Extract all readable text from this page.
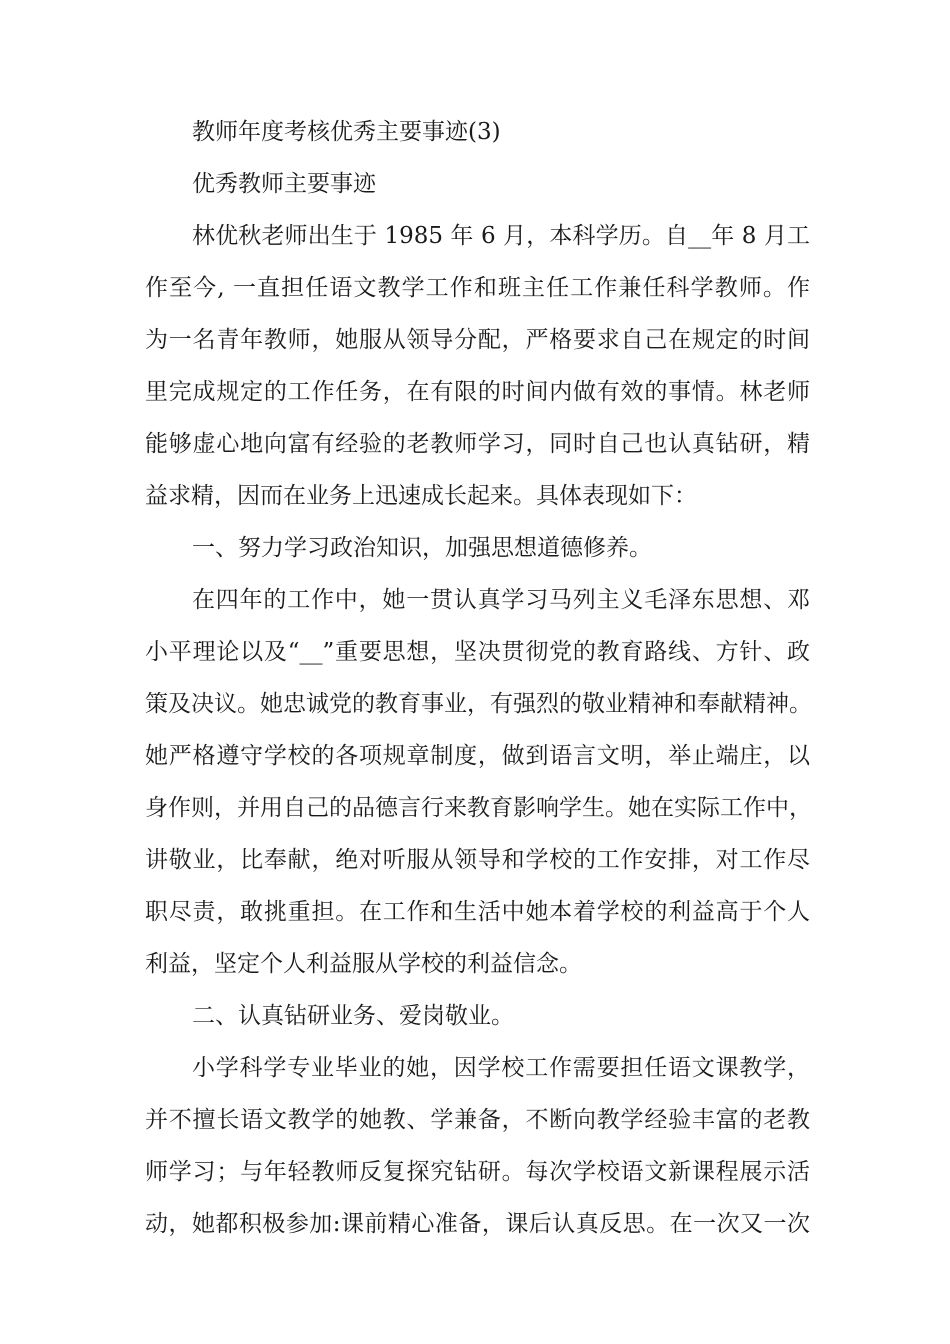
教师年度考核优秀主要事迹(3)
优秀教师主要事迹
林优秋老师出生于 1985 年 6 月，本科学历。自__年 8 月工
作至今, 一直担任语文教学工作和班主任工作兼任科学教师。作
为一名青年教师，她服从领导分配，严格要求自己在规定的时间
里完成规定的工作任务，在有限的时间内做有效的事情。林老师
能够虚心地向富有经验的老教师学习，同时自己也认真钻研，精
益求精，因而在业务上迅速成长起来。具体表现如下：
一、努力学习政治知识，加强思想道德修养。
在四年的工作中，她一贯认真学习马列主义毛泽东思想、邓
小平理论以及“__”重要思想，坚决贯彻党的教育路线、方针、政
策及决议。她忠诚党的教育事业，有强烈的敬业精神和奉献精神。
她严格遵守学校的各项规章制度，做到语言文明，举止端庄，以
身作则，并用自己的品德言行来教育影响学生。她在实际工作中，
讲敬业，比奉献，绝对听服从领导和学校的工作安排，对工作尽
职尽责，敢挑重担。在工作和生活中她本着学校的利益高于个人
利益，坚定个人利益服从学校的利益信念。
二、认真钻研业务、爱岗敬业。
小学科学专业毕业的她，因学校工作需要担任语文课教学，
并不擅长语文教学的她教、学兼备，不断向教学经验丰富的老教
师学习；与年轻教师反复探究钻研。每次学校语文新课程展示活
动，她都积极参加:课前精心准备，课后认真反思。在一次又一次
